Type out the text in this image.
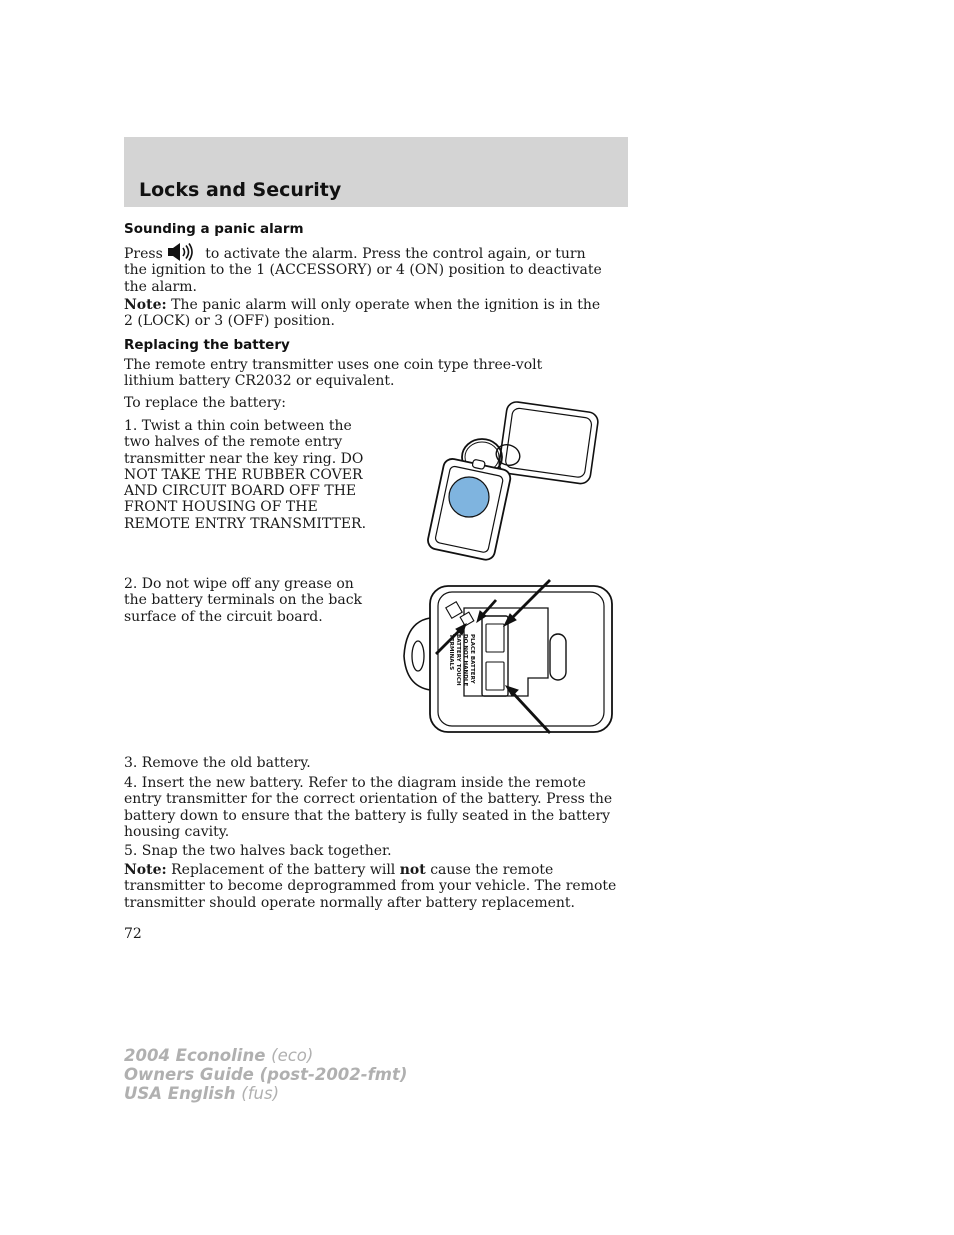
Locks and Security
Sounding a panic alarm

Press	to activate the alarm. Press the control again, or turn the ignition to the 1 (ACCESSORY) or 4 (ON) position to deactivate the alarm.

Note: The panic alarm will only operate when the ignition is in the 2 (LOCK) or 3 (OFF) position.

Replacing the battery

The remote entry transmitter uses one coin type three-volt lithium battery CR2032 or equivalent.

To replace the battery:

1. Twist a thin coin between the two halves of the remote entry transmitter near the key ring. DO NOT TAKE THE RUBBER COVER AND CIRCUIT BOARD OFF THE FRONT HOUSING OF THE REMOTE ENTRY TRANSMITTER.

2. Do not wipe off any grease on the battery terminals on the back surface of the circuit board.

PLACE BATTERY
DO NOT HANDLE
BATTERY TOUCH
TERMINALS

3. Remove the old battery.

4. Insert the new battery. Refer to the diagram inside the remote entry transmitter for the correct orientation of the battery. Press the battery down to ensure that the battery is fully seated in the battery housing cavity.

5. Snap the two halves back together.

Note: Replacement of the battery will not cause the remote transmitter to become deprogrammed from your vehicle. The remote transmitter should operate normally after battery replacement.

72

2004 Econoline (eco)
Owners Guide (post-2002-fmt)
USA English (fus)
